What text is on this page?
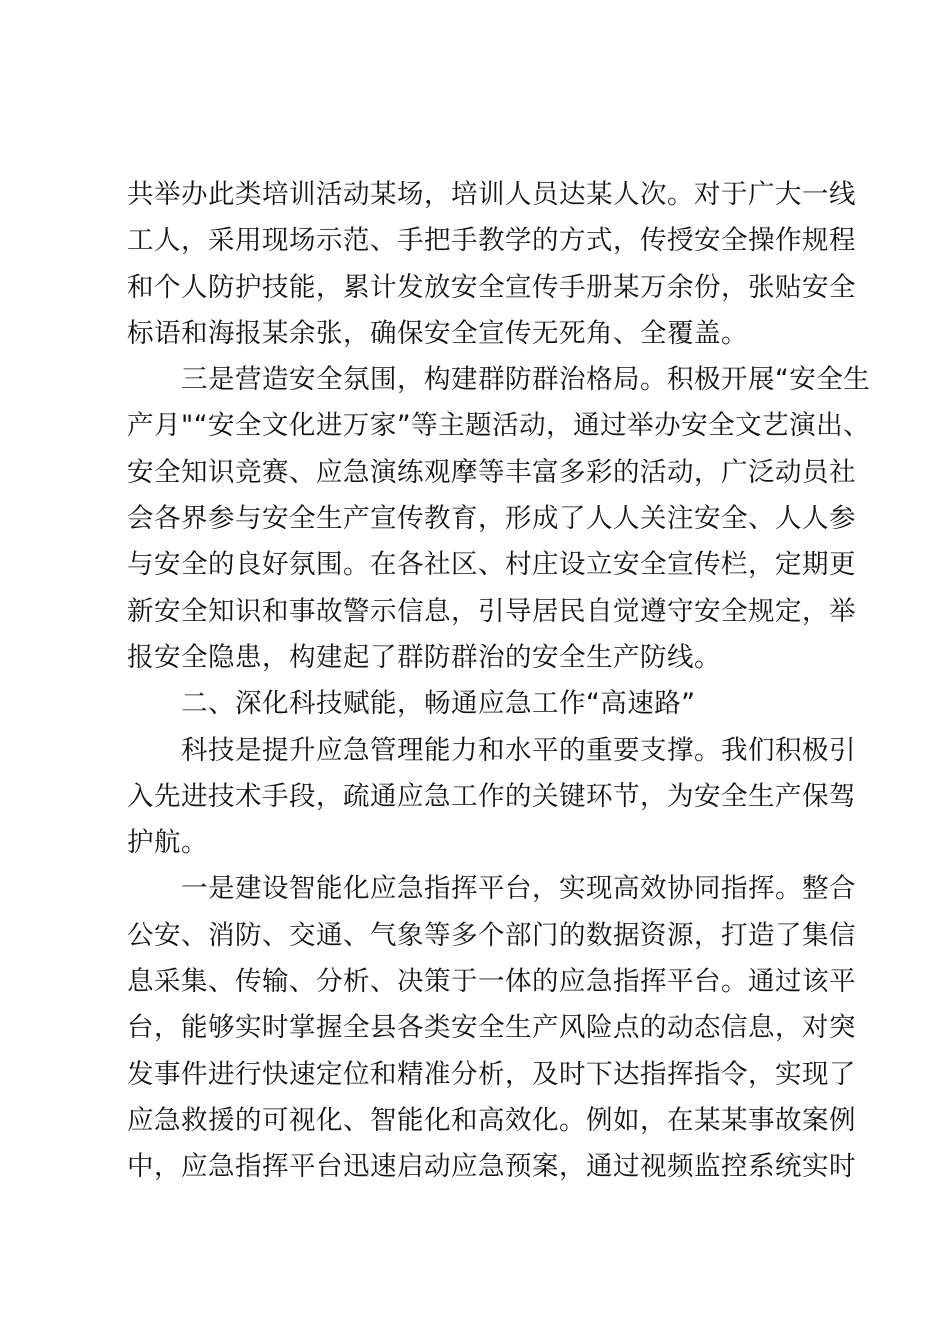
共举办此类培训活动某场，培训人员达某人次。对于广大一线
工人，采用现场示范、手把手教学的方式，传授安全操作规程
和个人防护技能，累计发放安全宣传手册某万余份，张贴安全
标语和海报某余张，确保安全宣传无死角、全覆盖。
　　三是营造安全氛围，构建群防群治格局。积极开展“安全生
产月"“安全文化进万家”等主题活动，通过举办安全文艺演出、
安全知识竞赛、应急演练观摩等丰富多彩的活动，广泛动员社
会各界参与安全生产宣传教育，形成了人人关注安全、人人参
与安全的良好氛围。在各社区、村庄设立安全宣传栏，定期更
新安全知识和事故警示信息，引导居民自觉遵守安全规定，举
报安全隐患，构建起了群防群治的安全生产防线。
　　二、深化科技赋能，畅通应急工作“高速路”
　　科技是提升应急管理能力和水平的重要支撑。我们积极引
入先进技术手段，疏通应急工作的关键环节，为安全生产保驾
护航。
　　一是建设智能化应急指挥平台，实现高效协同指挥。整合
公安、消防、交通、气象等多个部门的数据资源，打造了集信
息采集、传输、分析、决策于一体的应急指挥平台。通过该平
台，能够实时掌握全县各类安全生产风险点的动态信息，对突
发事件进行快速定位和精准分析，及时下达指挥指令，实现了
应急救援的可视化、智能化和高效化。例如，在某某事故案例
中，应急指挥平台迅速启动应急预案，通过视频监控系统实时
